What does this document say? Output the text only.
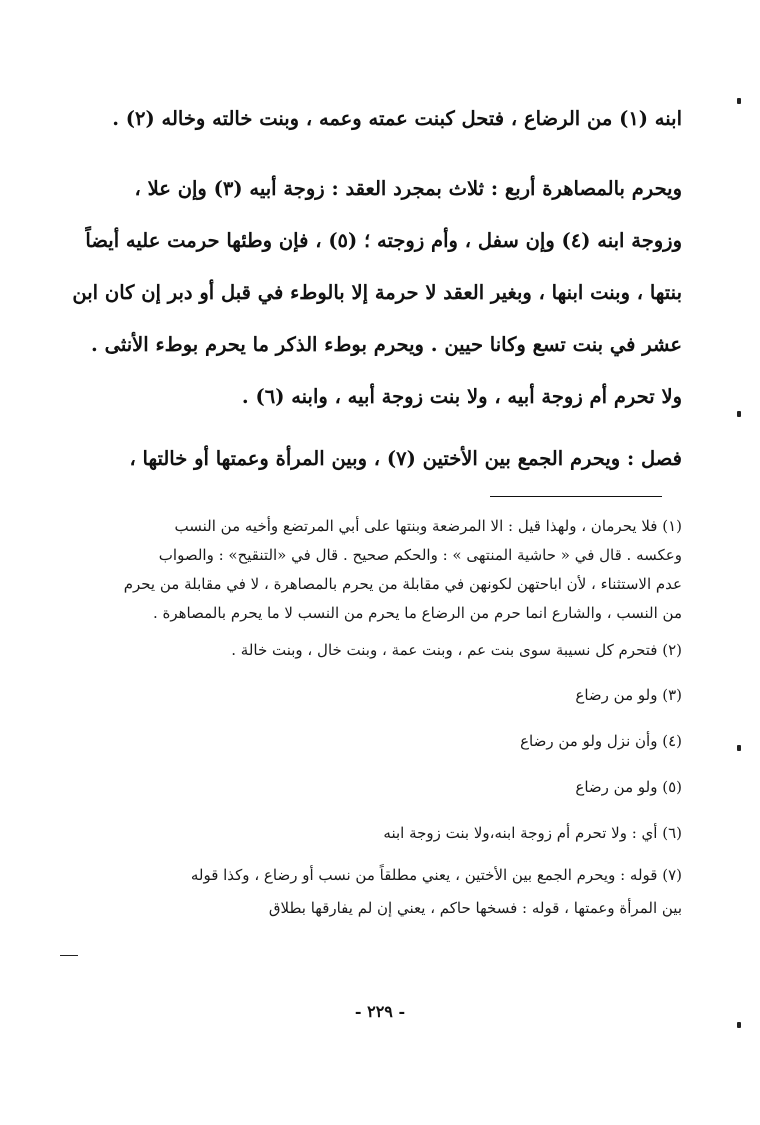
ابنه (١) من الرضاع ، فتحل كبنت عمته وعمه ، وبنت خالته وخاله (٢) .
ويحرم بالمصاهرة أربع : ثلاث بمجرد العقد : زوجة أبيه (٣) وإن علا ،
وزوجة ابنه (٤) وإن سفل ، وأم زوجته ؛ (٥) ، فإن وطئها حرمت عليه أيضاً
بنتها ، وبنت ابنها ، وبغير العقد لا حرمة إلا بالوطء في قبل أو دبر إن كان ابن
عشر في بنت تسع وكانا حيين . ويحرم بوطء الذكر ما يحرم بوطء الأنثى .
ولا تحرم أم زوجة أبيه ، ولا بنت زوجة أبيه ، وابنه (٦) .
فصل : ويحرم الجمع بين الأختين (٧) ، وبين المرأة وعمتها أو خالتها ،
(١) فلا يحرمان ، ولهذا قيل : الا المرضعة وبنتها على أبي المرتضع وأخيه من النسب
وعكسه . قال في « حاشية المنتهى » : والحكم صحيح . قال في «التنقيح» : والصواب
عدم الاستثناء ، لأن اباحتهن لكونهن في مقابلة من يحرم بالمصاهرة ، لا في مقابلة من يحرم
من النسب ، والشارع انما حرم من الرضاع ما يحرم من النسب لا ما يحرم بالمصاهرة .
(٢) فتحرم كل نسيبة سوى بنت عم ، وبنت عمة ، وبنت خال ، وبنت خالة .
(٣) ولو من رضاع
(٤) وأن نزل ولو من رضاع
(٥) ولو من رضاع
(٦) أي : ولا تحرم أم زوجة ابنه،ولا بنت زوجة ابنه
(٧) قوله : ويحرم الجمع بين الأختين ، يعني مطلقاً من نسب أو رضاع ، وكذا قوله
بين المرأة وعمتها ، قوله : فسخها حاكم ، يعني إن لم يفارقها بطلاق
- ٢٢٩ -
